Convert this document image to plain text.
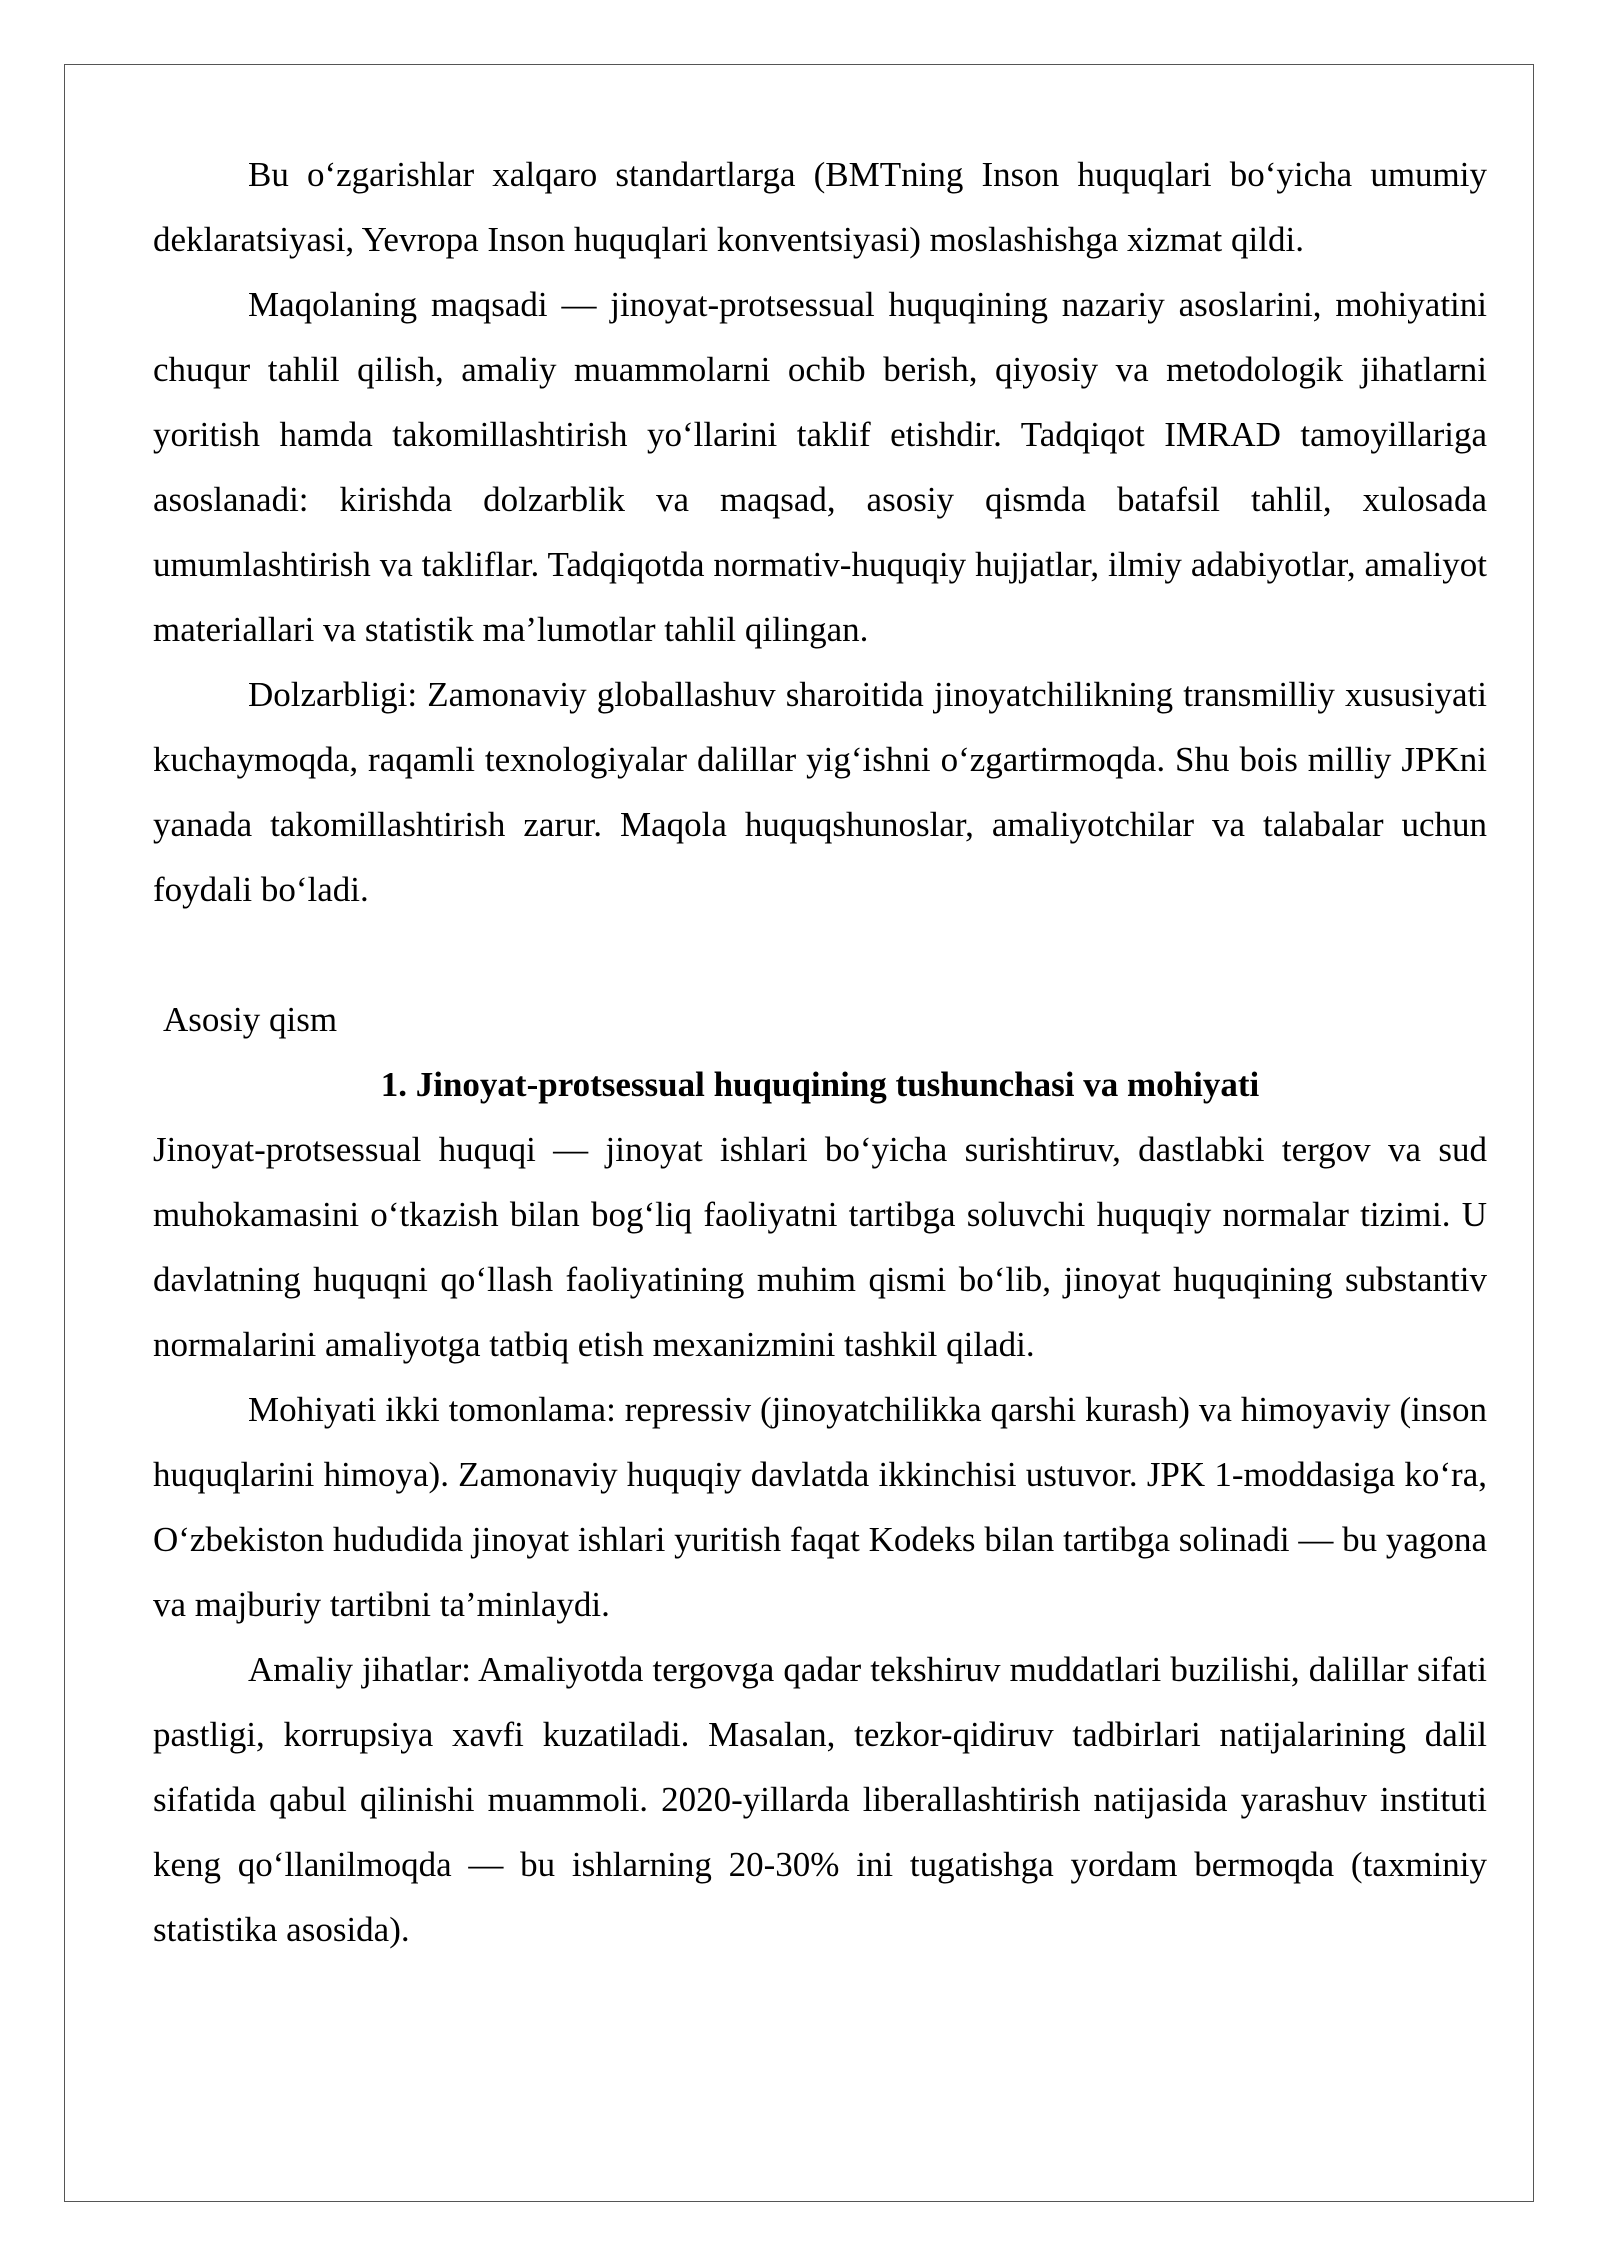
Bu o‘zgarishlar xalqaro standartlarga (BMTning Inson huquqlari bo‘yicha umumiy deklaratsiyasi, Yevropa Inson huquqlari konventsiyasi) moslashishga xizmat qildi.

Maqolaning maqsadi — jinoyat-protsessual huquqining nazariy asoslarini, mohiyatini chuqur tahlil qilish, amaliy muammolarni ochib berish, qiyosiy va metodologik jihatlarni yoritish hamda takomillashtirish yo‘llarini taklif etishdir. Tadqiqot IMRAD tamoyillariga asoslanadi: kirishda dolzarblik va maqsad, asosiy qismda batafsil tahlil, xulosada umumlashtirish va takliflar. Tadqiqotda normativ-huquqiy hujjatlar, ilmiy adabiyotlar, amaliyot materiallari va statistik ma’lumotlar tahlil qilingan.

Dolzarbligi: Zamonaviy globallashuv sharoitida jinoyatchilikning transmilliy xususiyati kuchaymoqda, raqamli texnologiyalar dalillar yig‘ishni o‘zgartirmoqda. Shu bois milliy JPKni yanada takomillashtirish zarur. Maqola huquqshunoslar, amaliyotchilar va talabalar uchun foydali bo‘ladi.

Asosiy qism

1. Jinoyat-protsessual huquqining tushunchasi va mohiyati

Jinoyat-protsessual huquqi — jinoyat ishlari bo‘yicha surishtiruv, dastlabki tergov va sud muhokamasini o‘tkazish bilan bog‘liq faoliyatni tartibga soluvchi huquqiy normalar tizimi. U davlatning huquqni qo‘llash faoliyatining muhim qismi bo‘lib, jinoyat huquqining substantiv normalarini amaliyotga tatbiq etish mexanizmini tashkil qiladi.

Mohiyati ikki tomonlama: repressiv (jinoyatchilikka qarshi kurash) va himoyaviy (inson huquqlarini himoya). Zamonaviy huquqiy davlatda ikkinchisi ustuvor. JPK 1-moddasiga ko‘ra, O‘zbekiston hududida jinoyat ishlari yuritish faqat Kodeks bilan tartibga solinadi — bu yagona va majburiy tartibni ta’minlaydi.

Amaliy jihatlar: Amaliyotda tergovga qadar tekshiruv muddatlari buzilishi, dalillar sifati pastligi, korrupsiya xavfi kuzatiladi. Masalan, tezkor-qidiruv tadbirlari natijalarining dalil sifatida qabul qilinishi muammoli. 2020-yillarda liberallashtirish natijasida yarashuv instituti keng qo‘llanilmoqda — bu ishlarning 20-30% ini tugatishga yordam bermoqda (taxminiy statistika asosida).
